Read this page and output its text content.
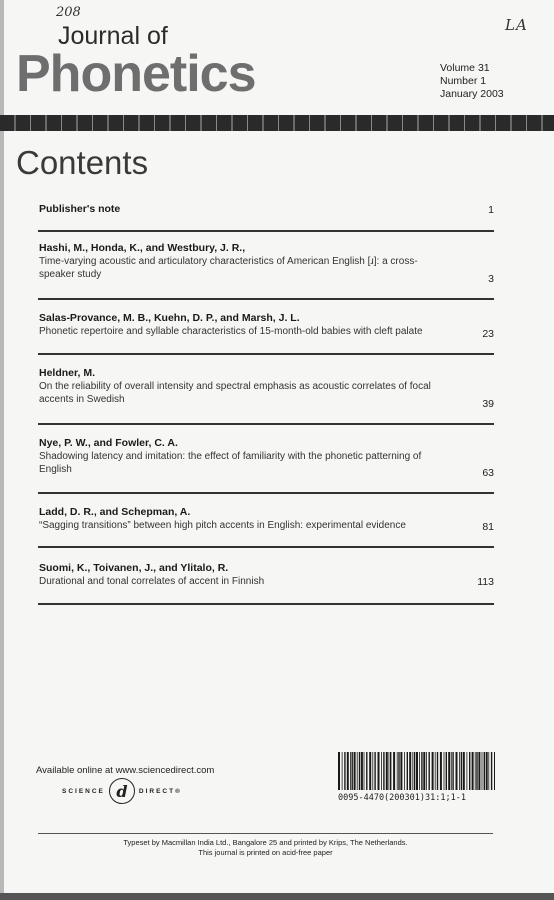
208
LA
Journal of
Phonetics	Volume 31
Number 1
January 2003
Contents
Publisher's note	1
Hashi, M., Honda, K., and Westbury, J. R.,
Time-varying acoustic and articulatory characteristics of American English [ɹ]: a cross-speaker study	3
Salas-Provance, M. B., Kuehn, D. P., and Marsh, J. L.
Phonetic repertoire and syllable characteristics of 15-month-old babies with cleft palate	23
Heldner, M.
On the reliability of overall intensity and spectral emphasis as acoustic correlates of focal accents in Swedish	39
Nye, P. W., and Fowler, C. A.
Shadowing latency and imitation: the effect of familiarity with the phonetic patterning of English	63
Ladd, D. R., and Schepman, A.
“Sagging transitions” between high pitch accents in English: experimental evidence	81
Suomi, K., Toivanen, J., and Ylitalo, R.
Durational and tonal correlates of accent in Finnish	113
Available online at www.sciencedirect.com
SCIENCE d	DIRECT®
0095-4470(200301)31:1;1-1
Typeset by Macmillan India Ltd., Bangalore 25 and printed by Krips, The Netherlands.
This journal is printed on acid-free paper
